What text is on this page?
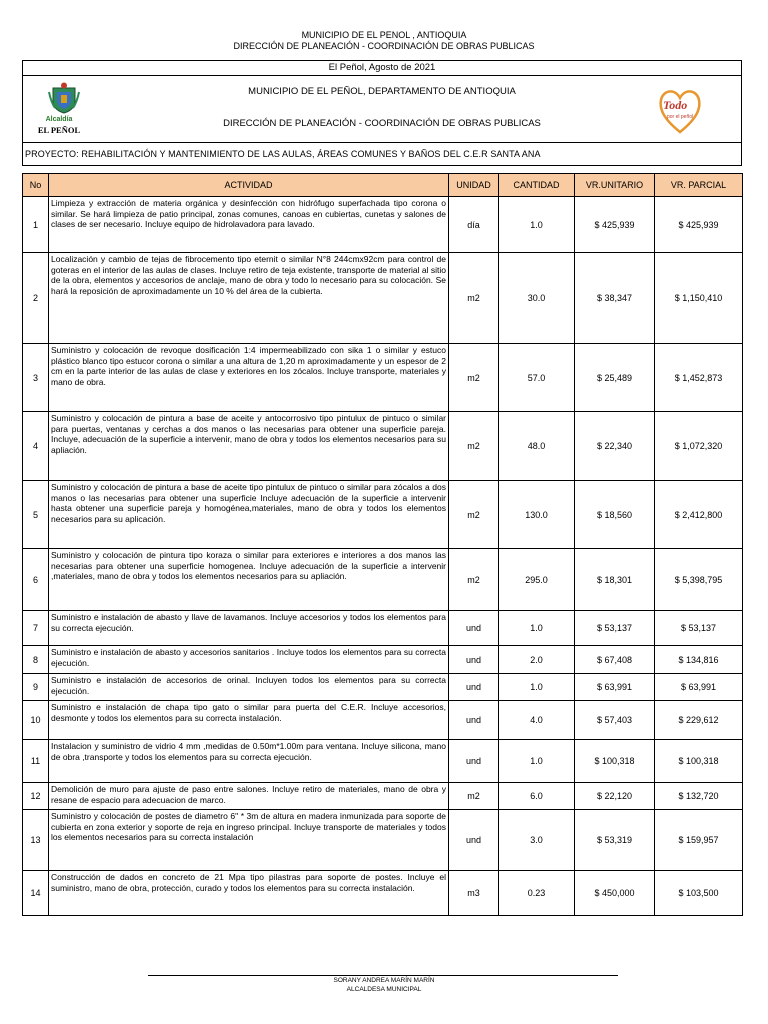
MUNICIPIO DE EL PENOL , ANTIOQUIA
DIRECCIÓN DE PLANEACIÓN - COORDINACIÓN DE OBRAS PUBLICAS
El Peñol, Agosto de 2021
Alcaldía
EL PEÑOL
MUNICIPIO DE EL PEÑOL, DEPARTAMENTO DE ANTIOQUIA
DIRECCIÓN DE PLANEACIÓN - COORDINACIÓN DE OBRAS PUBLICAS
Todo
por el peñol
PROYECTO: REHABILITACIÓN Y MANTENIMIENTO DE LAS AULAS, ÁREAS COMUNES Y BAÑOS DEL C.E.R SANTA ANA
No	ACTIVIDAD	UNIDAD	CANTIDAD	VR.UNITARIO	VR. PARCIAL
1	Limpieza y extracción de materia orgánica y desinfección con hidrófugo superfachada tipo corona o similar. Se hará limpieza de patio principal, zonas comunes, canoas en cubiertas, cunetas y salones de clases de ser necesario. Incluye equipo de hidrolavadora para lavado.	día	1.0	$ 425,939	$ 425,939
2	Localización y cambio de tejas de fibrocemento tipo eternit o similar N°8 244cmx92cm para control de goteras en el interior de las aulas de clases. Incluye retiro de teja existente, transporte de material al sitio de la obra, elementos y accesorios de anclaje, mano de obra y todo lo necesario para su colocación. Se hará la reposición de aproximadamente un 10 % del área de la cubierta.	m2	30.0	$ 38,347	$ 1,150,410
3	Suministro y colocación de revoque dosificación 1:4 impermeabilizado con sika 1 o similar y estuco plástico blanco tipo estucor corona o similar a una altura de 1,20 m aproximadamente y un espesor de 2 cm en la parte interior de las aulas de clase y exteriores en los zócalos. Incluye transporte, materiales y mano de obra.	m2	57.0	$ 25,489	$ 1,452,873
4	Suministro y colocación de pintura a base de aceite y antocorrosivo tipo pintulux de pintuco o similar para puertas, ventanas y cerchas a dos manos o las necesarias para obtener una superficie pareja. Incluye, adecuación de la superficie a intervenir, mano de obra y todos los elementos necesarios para su apliación.	m2	48.0	$ 22,340	$ 1,072,320
5	Suministro y colocación de pintura a base de aceite tipo pintulux de pintuco o similar para zócalos a dos manos o las necesarias para obtener una superficie Incluye adecuación de la superficie a intervenir hasta obtener una superficie pareja y homogénea,materiales, mano de obra y todos los elementos necesarios para su aplicación.	m2	130.0	$ 18,560	$ 2,412,800
6	Suministro y colocación de pintura tipo koraza o similar para exteriores e interiores a dos manos las necesarias para obtener una superficie homogenea. Incluye adecuación de la superficie a intervenir ,materiales, mano de obra y todos los elementos necesarios para su apliación.	m2	295.0	$ 18,301	$ 5,398,795
7	Suministro e instalación de abasto y llave de lavamanos. Incluye accesorios y todos los elementos para su correcta ejecución.	und	1.0	$ 53,137	$ 53,137
8	Suministro e instalación de abasto y accesorios sanitarios . Incluye todos los elementos para su correcta ejecución.	und	2.0	$ 67,408	$ 134,816
9	Suministro e instalación de accesorios de orinal. Incluyen todos los elementos para su correcta ejecución.	und	1.0	$ 63,991	$ 63,991
10	Suministro e instalación de chapa tipo gato o similar para puerta del C.E.R. Incluye accesorios, desmonte y todos los elementos para su correcta instalación.	und	4.0	$ 57,403	$ 229,612
11	Instalacion y suministro de vidrio 4 mm ,medidas de 0.50m*1.00m para ventana. Incluye silicona, mano de obra ,transporte y todos los elementos para su correcta ejecución.	und	1.0	$ 100,318	$ 100,318
12	Demolición de muro para ajuste de paso entre salones. Incluye retiro de materiales, mano de obra y resane de espacio para adecuacion de marco.	m2	6.0	$ 22,120	$ 132,720
13	Suministro y colocación de postes de diametro 6" * 3m de altura en madera inmunizada para soporte de cubierta en zona exterior y soporte de reja en ingreso principal. Incluye transporte de materiales y todos los elementos necesarios para su correcta instalación	und	3.0	$ 53,319	$ 159,957
14	Construcción de dados en concreto de 21 Mpa tipo pilastras para soporte de postes. Incluye el suministro, mano de obra, protección, curado y todos los elementos para su correcta instalación.	m3	0.23	$ 450,000	$ 103,500
SORANY ANDREA MARÍN MARÍN
ALCALDESA MUNICIPAL
